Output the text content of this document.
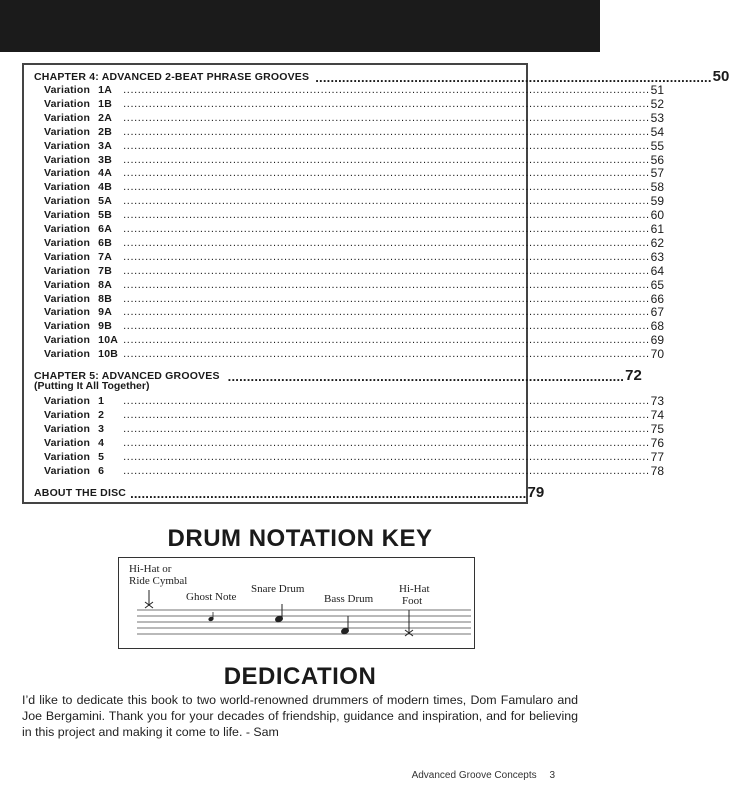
CHAPTER 4: ADVANCED 2-BEAT PHRASE GROOVES ........................................................................................................ 50
Variation 1A	................................................................................................................................................ 51
Variation 1B	................................................................................................................................................ 52
Variation 2A	................................................................................................................................................ 53
Variation 2B	................................................................................................................................................ 54
Variation 3A	................................................................................................................................................ 55
Variation 3B	................................................................................................................................................ 56
Variation 4A	................................................................................................................................................ 57
Variation 4B	................................................................................................................................................ 58
Variation 5A	................................................................................................................................................ 59
Variation 5B	................................................................................................................................................ 60
Variation 6A	................................................................................................................................................ 61
Variation 6B	................................................................................................................................................ 62
Variation 7A	................................................................................................................................................ 63
Variation 7B	................................................................................................................................................ 64
Variation 8A	................................................................................................................................................ 65
Variation 8B	................................................................................................................................................ 66
Variation 9A	................................................................................................................................................ 67
Variation 9B	................................................................................................................................................ 68
Variation 10A ................................................................................................................................................ 69
Variation 10B ................................................................................................................................................ 70
CHAPTER 5: ADVANCED GROOVES ........................................................................................................ 72
(Putting It All Together)
Variation 1	................................................................................................................................................ 73
Variation 2	................................................................................................................................................ 74
Variation 3	................................................................................................................................................ 75
Variation 4	................................................................................................................................................ 76
Variation 5	................................................................................................................................................ 77
Variation 6	................................................................................................................................................ 78
ABOUT THE DISC ........................................................................................................ 79
DRUM NOTATION KEY
Hi-Hat or
Ride Cymbal
Ghost Note
Snare Drum
Bass Drum
Hi-Hat
Foot
DEDICATION
I’d like to dedicate this book to two world-renowned drummers of modern times, Dom Famularo and Joe Bergamini. Thank you for your decades of friendship, guidance and inspiration, and for believing in this project and making it come to life. - Sam
Advanced Groove Concepts 3
